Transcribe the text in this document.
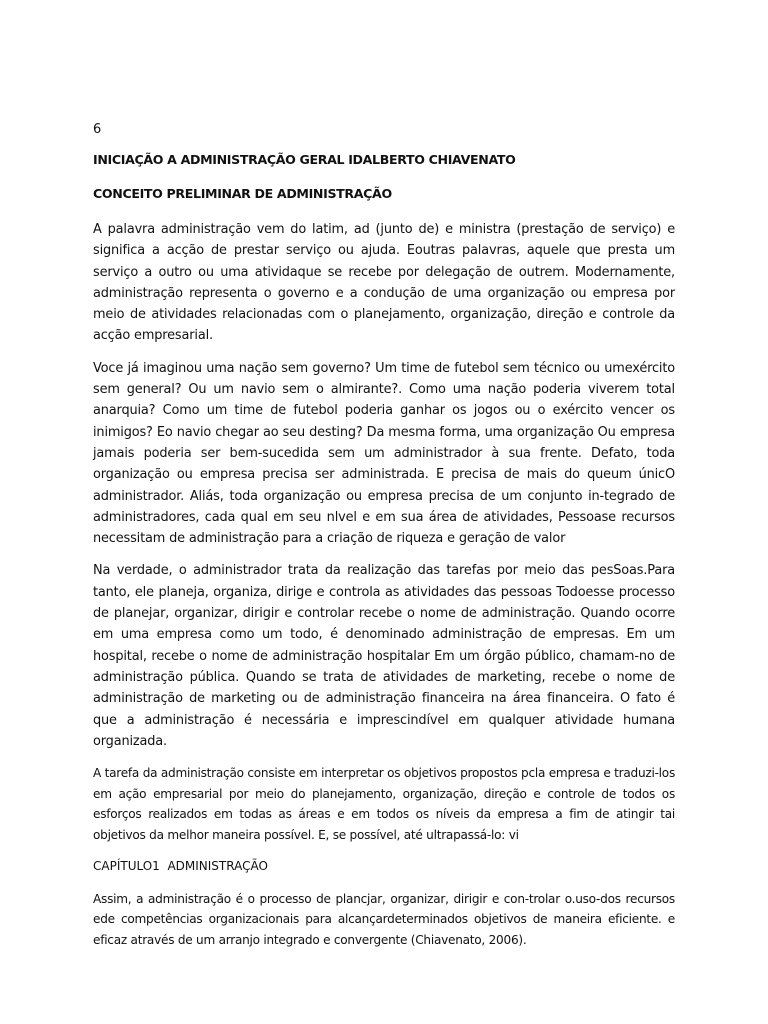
6
INICIAÇÃO A ADMINISTRAÇÃO GERAL IDALBERTO CHIAVENATO
CONCEITO PRELIMINAR DE ADMINISTRAÇÃO

A palavra administração vem do latim, ad (junto de) e ministra (prestação de serviço) e significa a acção de prestar serviço ou ajuda. Eoutras palavras, aquele que presta um serviço a outro ou uma atividaque se recebe por delegação de outrem. Modernamente, administração representa o governo e a condução de uma organização ou empresa por meio de atividades relacionadas com o planejamento, organização, direção e controle da acção empresarial.

Voce já imaginou uma nação sem governo? Um time de futebol sem técnico ou umexército sem general? Ou um navio sem o almirante?. Como uma nação poderia viverem total anarquia? Como um time de futebol poderia ganhar os jogos ou o exército vencer os inimigos? Eo navio chegar ao seu desting? Da mesma forma, uma organização Ou empresa jamais poderia ser bem-sucedida sem um administrador à sua frente. Defato, toda organização ou empresa precisa ser administrada. E precisa de mais do queum únicO administrador. Aliás, toda organização ou empresa precisa de um conjunto in-tegrado de administradores, cada qual em seu nlvel e em sua área de atividades, Pessoase recursos necessitam de administração para a criação de riqueza e geração de valor

Na verdade, o administrador trata da realização das tarefas por meio das pesSoas.Para tanto, ele planeja, organiza, dirige e controla as atividades das pessoas Todoesse processo de planejar, organizar, dirigir e controlar recebe o nome de administração. Quando ocorre em uma empresa como um todo, é denominado administração de empresas. Em um hospital, recebe o nome de administração hospitalar Em um órgão público, chamam-no de administração pública. Quando se trata de atividades de marketing, recebe o nome de administração de marketing ou de administração financeira na área financeira. O fato é que a administração é necessária e imprescindível em qualquer atividade humana organizada.

A tarefa da administração consiste em interpretar os objetivos propostos pcla empresa e traduzi-los em ação empresarial por meio do planejamento, organização, direção e controle de todos os esforços realizados em todas as áreas e em todos os níveis da empresa a fim de atingir tai objetivos da melhor maneira possível. E, se possível, até ultrapassá-lo: vi

CAPÍTULO1  ADMINISTRAÇÃO

Assim, a administração é o processo de plancjar, organizar, dirigir e con-trolar o.uso-dos recursos ede competências organizacionais para alcançardeterminados objetivos de maneira eficiente. e eficaz através de um arranjo integrado e convergente (Chiavenato, 2006).
